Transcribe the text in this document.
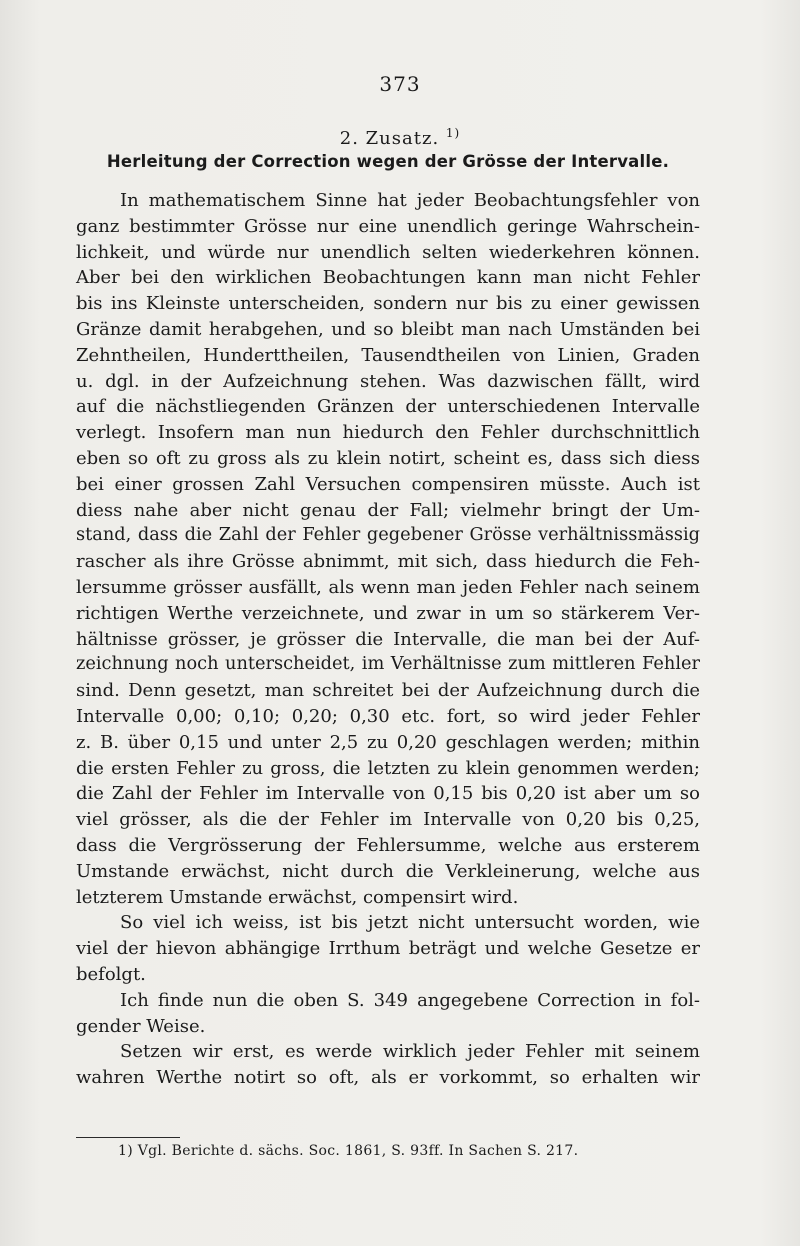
373
2. Zusatz. $^{1)}$
Herleitung der Correction wegen der Grösse der Intervalle.

In mathematischem Sinne hat jeder Beobachtungsfehler von
ganz bestimmter Grösse nur eine unendlich geringe Wahrschein-
lichkeit, und würde nur unendlich selten wiederkehren können.
Aber bei den wirklichen Beobachtungen kann man nicht Fehler
bis ins Kleinste unterscheiden, sondern nur bis zu einer gewissen
Gränze damit herabgehen, und so bleibt man nach Umständen bei
Zehntheilen, Hunderttheilen, Tausendtheilen von Linien, Graden
u. dgl. in der Aufzeichnung stehen. Was dazwischen fällt, wird
auf die nächstliegenden Gränzen der unterschiedenen Intervalle
verlegt. Insofern man nun hiedurch den Fehler durchschnittlich
eben so oft zu gross als zu klein notirt, scheint es, dass sich diess
bei einer grossen Zahl Versuchen compensiren müsste. Auch ist
diess nahe aber nicht genau der Fall; vielmehr bringt der Um-
stand, dass die Zahl der Fehler gegebener Grösse verhältnissmässig
rascher als ihre Grösse abnimmt, mit sich, dass hiedurch die Feh-
lersumme grösser ausfällt, als wenn man jeden Fehler nach seinem
richtigen Werthe verzeichnete, und zwar in um so stärkerem Ver-
hältnisse grösser, je grösser die Intervalle, die man bei der Auf-
zeichnung noch unterscheidet, im Verhältnisse zum mittleren Fehler
sind. Denn gesetzt, man schreitet bei der Aufzeichnung durch die
Intervalle 0,00; 0,10; 0,20; 0,30 etc. fort, so wird jeder Fehler
z. B. über 0,15 und unter 2,5 zu 0,20 geschlagen werden; mithin
die ersten Fehler zu gross, die letzten zu klein genommen werden;
die Zahl der Fehler im Intervalle von 0,15 bis 0,20 ist aber um so
viel grösser, als die der Fehler im Intervalle von 0,20 bis 0,25,
dass die Vergrösserung der Fehlersumme, welche aus ersterem
Umstande erwächst, nicht durch die Verkleinerung, welche aus
letzterem Umstande erwächst, compensirt wird.

So viel ich weiss, ist bis jetzt nicht untersucht worden, wie
viel der hievon abhängige Irrthum beträgt und welche Gesetze er
befolgt.

Ich finde nun die oben S. 349 angegebene Correction in fol-
gender Weise.

Setzen wir erst, es werde wirklich jeder Fehler mit seinem
wahren Werthe notirt so oft, als er vorkommt, so erhalten wir

1) Vgl. Berichte d. sächs. Soc. 1861, S. 93ff. In Sachen S. 217.
